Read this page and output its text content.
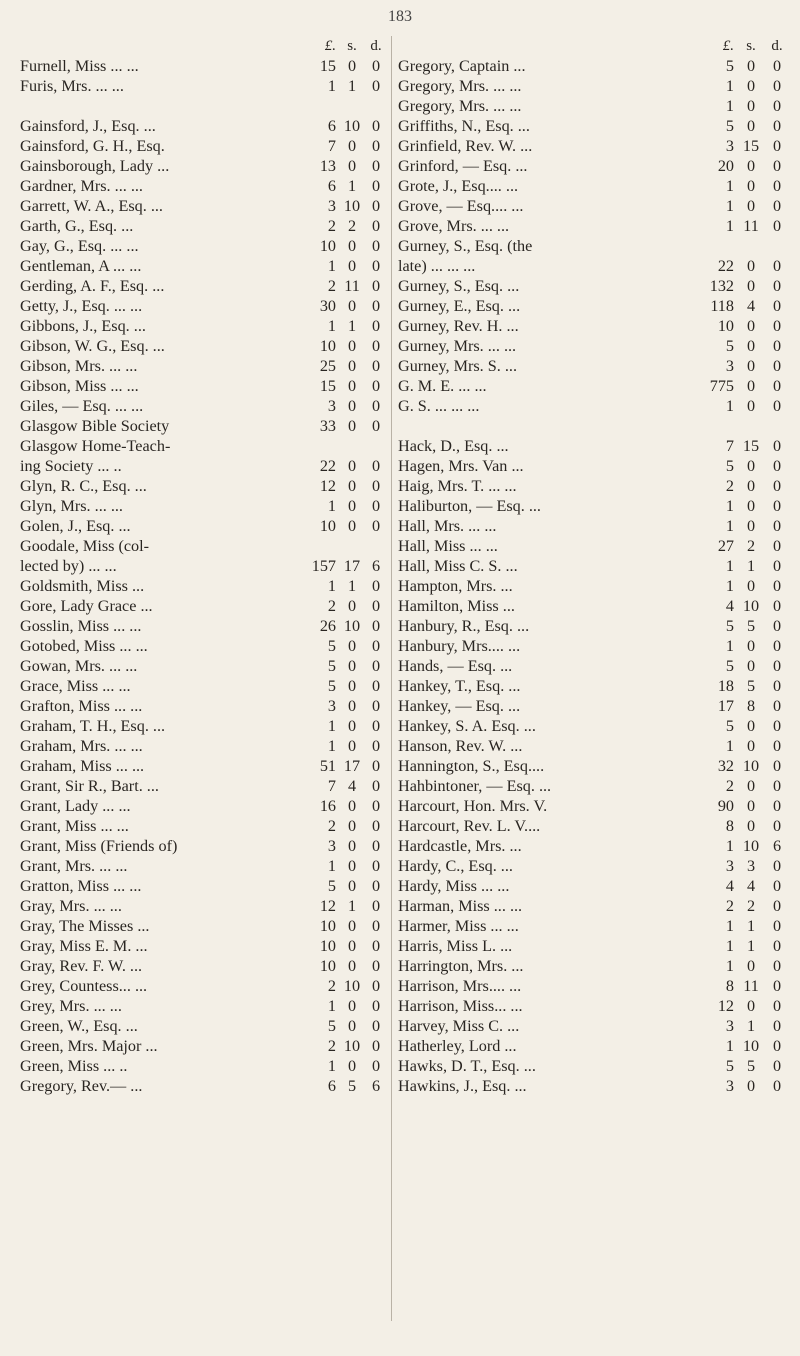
183
£. s. d.
Furnell, Miss ... ...	15 0 0
Furis, Mrs. ... ...	1 1 0
Gainsford, J., Esq. ...	6 10 0
Gainsford, G. H., Esq.	7 0 0
Gainsborough, Lady ...	13 0 0
Gardner, Mrs. ... ...	6 1 0
Garrett, W. A., Esq. ...	3 10 0
Garth, G., Esq. ...	2 2 0
Gay, G., Esq. ... ...	10 0 0
Gentleman, A ... ...	1 0 0
Gerding, A. F., Esq. ...	2 11 0
Getty, J., Esq. ... ...	30 0 0
Gibbons, J., Esq. ...	1 1 0
Gibson, W. G., Esq. ...	10 0 0
Gibson, Mrs. ... ...	25 0 0
Gibson, Miss ... ...	15 0 0
Giles, — Esq. ... ...	3 0 0
Glasgow Bible Society	33 0 0
Glasgow Home-Teach-
ing Society ... ..	22 0 0
Glyn, R. C., Esq. ...	12 0 0
Glyn, Mrs. ... ...	1 0 0
Golen, J., Esq. ...	10 0 0
Goodale, Miss (col-
lected by) ... ...	157 17 6
Goldsmith, Miss ...	1 1 0
Gore, Lady Grace ...	2 0 0
Gosslin, Miss ... ...	26 10 0
Gotobed, Miss ... ...	5 0 0
Gowan, Mrs. ... ...	5 0 0
Grace, Miss ... ...	5 0 0
Grafton, Miss ... ...	3 0 0
Graham, T. H., Esq. ...	1 0 0
Graham, Mrs. ... ...	1 0 0
Graham, Miss ... ...	51 17 0
Grant, Sir R., Bart. ...	7 4 0
Grant, Lady ... ...	16 0 0
Grant, Miss ... ...	2 0 0
Grant, Miss (Friends of)	3 0 0
Grant, Mrs. ... ...	1 0 0
Gratton, Miss ... ...	5 0 0
Gray, Mrs. ... ...	12 1 0
Gray, The Misses ...	10 0 0
Gray, Miss E. M. ...	10 0 0
Gray, Rev. F. W. ...	10 0 0
Grey, Countess... ...	2 10 0
Grey, Mrs. ... ...	1 0 0
Green, W., Esq. ...	5 0 0
Green, Mrs. Major ...	2 10 0
Green, Miss ... ..	1 0 0
Gregory, Rev.— ...	6 5 6
£. s.	d.
Gregory, Captain ...	5 0	0
Gregory, Mrs. ... ...	1 0	0
Gregory, Mrs. ... ...	1 0	0
Griffiths, N., Esq. ...	5 0	0
Grinfield, Rev. W. ...	3 15 0
Grinford, — Esq. ...	20 0	0
Grote, J., Esq.... ...	1 0	0
Grove, — Esq.... ...	1 0	0
Grove, Mrs. ... ...	1 11 0
Gurney, S., Esq. (the
late) ... ... ...	22 0	0
Gurney, S., Esq. ...	132 0	0
Gurney, E., Esq. ...	118 4	0
Gurney, Rev. H. ...	10 0	0
Gurney, Mrs. ... ...	5 0	0
Gurney, Mrs. S. ...	3 0	0
G. M. E. ... ...	775 0	0
G. S. ... ... ...	1 0	0
Hack, D., Esq. ...	7 15 0
Hagen, Mrs. Van ...	5 0	0
Haig, Mrs. T. ... ...	2 0	0
Haliburton, — Esq. ...	1 0	0
Hall, Mrs. ... ...	1 0	0
Hall, Miss ... ...	27 2	0
Hall, Miss C. S. ...	1 1	0
Hampton, Mrs. ...	1 0	0
Hamilton, Miss ...	4 10 0
Hanbury, R., Esq. ...	5 5	0
Hanbury, Mrs.... ...	1 0	0
Hands, — Esq. ...	5 0	0
Hankey, T., Esq. ...	18 5	0
Hankey, — Esq. ...	17 8	0
Hankey, S. A. Esq. ...	5 0	0
Hanson, Rev. W. ...	1 0	0
Hannington, S., Esq....	32 10 0
Hahbintoner, — Esq. ...	2 0	0
Harcourt, Hon. Mrs. V.	90 0	0
Harcourt, Rev. L. V....	8 0	0
Hardcastle, Mrs. ...	1 10 6
Hardy, C., Esq. ...	3 3	0
Hardy, Miss ... ...	4 4	0
Harman, Miss ... ...	2 2	0
Harmer, Miss ... ...	1 1	0
Harris, Miss L. ...	1 1	0
Harrington, Mrs. ...	1 0	0
Harrison, Mrs.... ...	8 11 0
Harrison, Miss... ...	12 0	0
Harvey, Miss C. ...	3 1	0
Hatherley, Lord ...	1 10 0
Hawks, D. T., Esq. ...	5 5	0
Hawkins, J., Esq. ...	3 0	0
